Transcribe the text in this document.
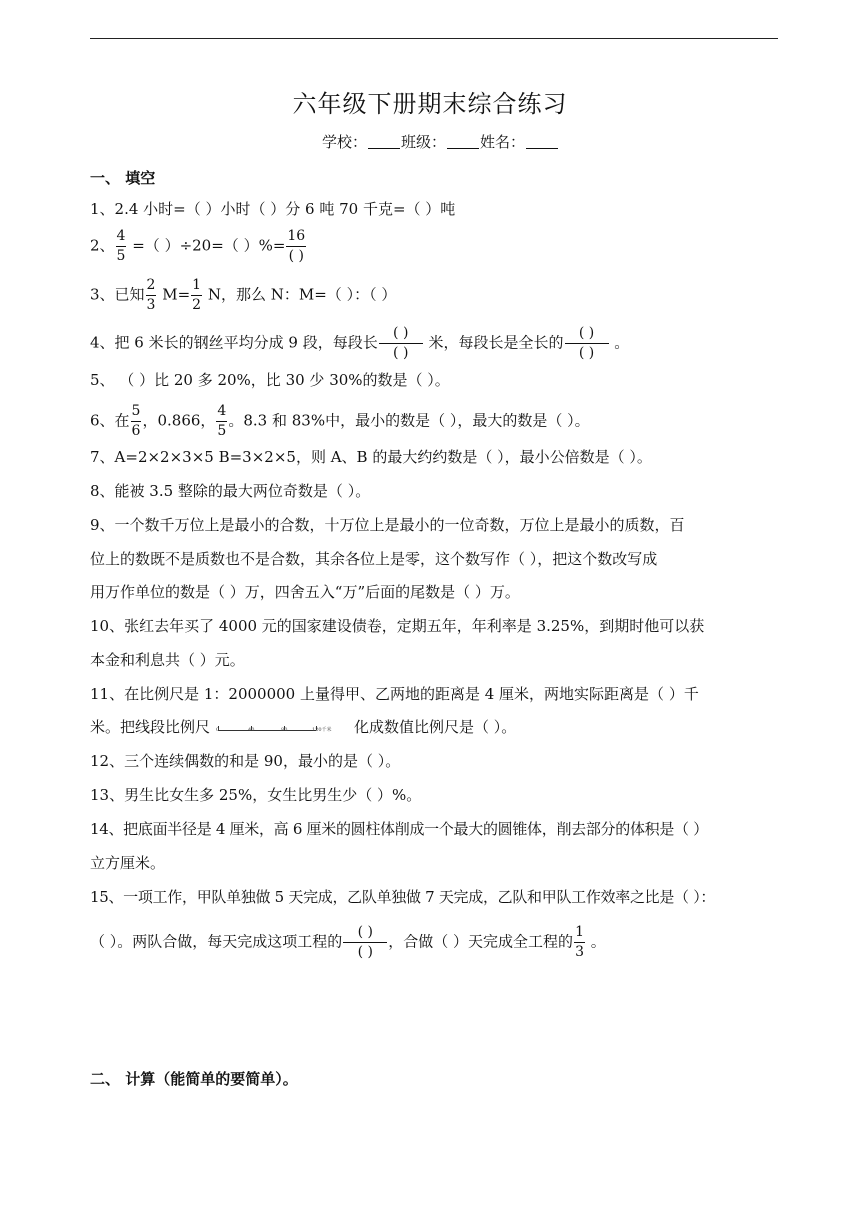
六年级下册期末综合练习
学校： 班级： 姓名：
一、 填空
1、2.4 小时=（ ）小时（ ）分 6 吨 70 千克=（ ）吨
2、 $\frac{4}{5}$ =（ ）÷20=（ ）%= $\frac{16}{( )}$
3、已知 $\frac{2}{3} M= \frac{1}{2}$ N，那么 N：M=（ ）：（ ）
4、把 6 米长的钢丝平均分成 9 段，每段长 $\frac{( )}{( )}$ 米，每段长是全长的 $\frac{( )}{( )}$ 。
5、 （ ）比 20 多 20%，比 30 少 30%的数是（ ）。
6、在 $\frac{5}{6}$ ，0.866， $\frac{4}{5}$ 。8.3 和 83%中，最小的数是（ ），最大的数是（ ）。
7、A=2×2×3×5 B=3×2×5，则 A、B 的最大约约数是（ ），最小公倍数是（ ）。
8、能被 3.5 整除的最大两位奇数是（ ）。
9、一个数千万位上是最小的合数，十万位上是最小的一位奇数，万位上是最小的质数，百
位上的数既不是质数也不是合数，其余各位上是零，这个数写作（ ），把这个数改写成
用万作单位的数是（ ）万，四舍五入“万”后面的尾数是（ ）万。
10、张红去年买了 4000 元的国家建设债卷，定期五年，年利率是 3.25%，到期时他可以获
本金和利息共（ ）元。
11、在比例尺是 1：2000000 上量得甲、乙两地的距离是 4 厘米，两地实际距离是（ ）千
米。把线段比例尺 0	40	80	120千米 化成数值比例尺是（ ）。
12、三个连续偶数的和是 90，最小的是（ ）。
13、男生比女生多 25%，女生比男生少（ ）%。
14、把底面半径是 4 厘米，高 6 厘米的圆柱体削成一个最大的圆锥体，削去部分的体积是（ ）
立方厘米。
15、一项工作，甲队单独做 5 天完成，乙队单独做 7 天完成，乙队和甲队工作效率之比是（ ）：
（ ）。两队合做，每天完成这项工程的 $\frac{( )}{( )}$ ，合做（ ）天完成全工程的 $\frac{1}{3}$ 。
二、 计算（能简单的要简单）。
